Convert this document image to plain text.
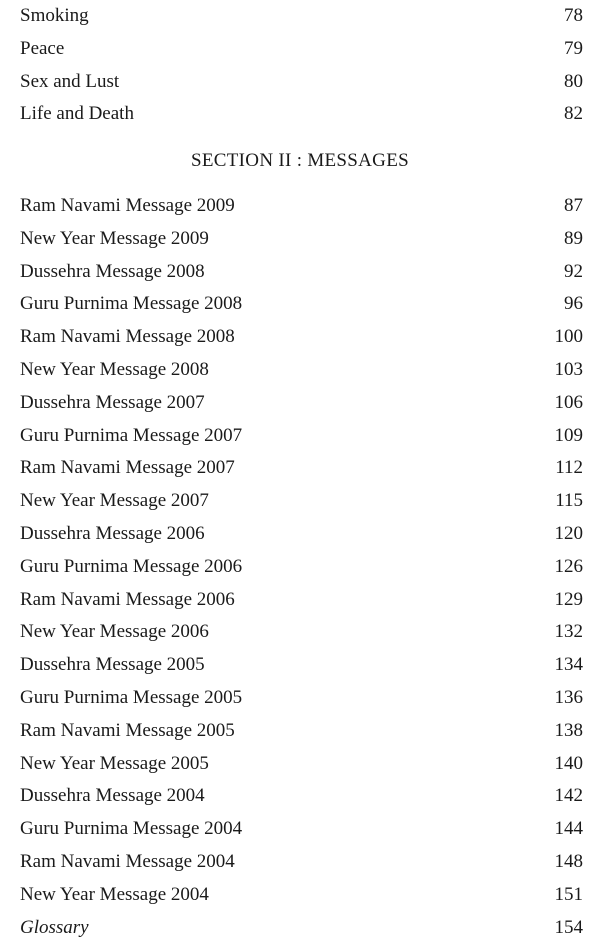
Smoking	78
Peace	79
Sex and Lust	80
Life and Death	82
SECTION II : MESSAGES
Ram Navami Message 2009	87
New Year Message 2009	89
Dussehra Message 2008	92
Guru Purnima Message 2008	96
Ram Navami Message 2008	100
New Year Message 2008	103
Dussehra Message 2007	106
Guru Purnima Message 2007	109
Ram Navami Message 2007	112
New Year Message 2007	115
Dussehra Message 2006	120
Guru Purnima Message 2006	126
Ram Navami Message 2006	129
New Year Message 2006	132
Dussehra Message 2005	134
Guru Purnima Message 2005	136
Ram Navami Message 2005	138
New Year Message 2005	140
Dussehra Message 2004	142
Guru Purnima Message 2004	144
Ram Navami Message 2004	148
New Year Message 2004	151
Glossary	154
